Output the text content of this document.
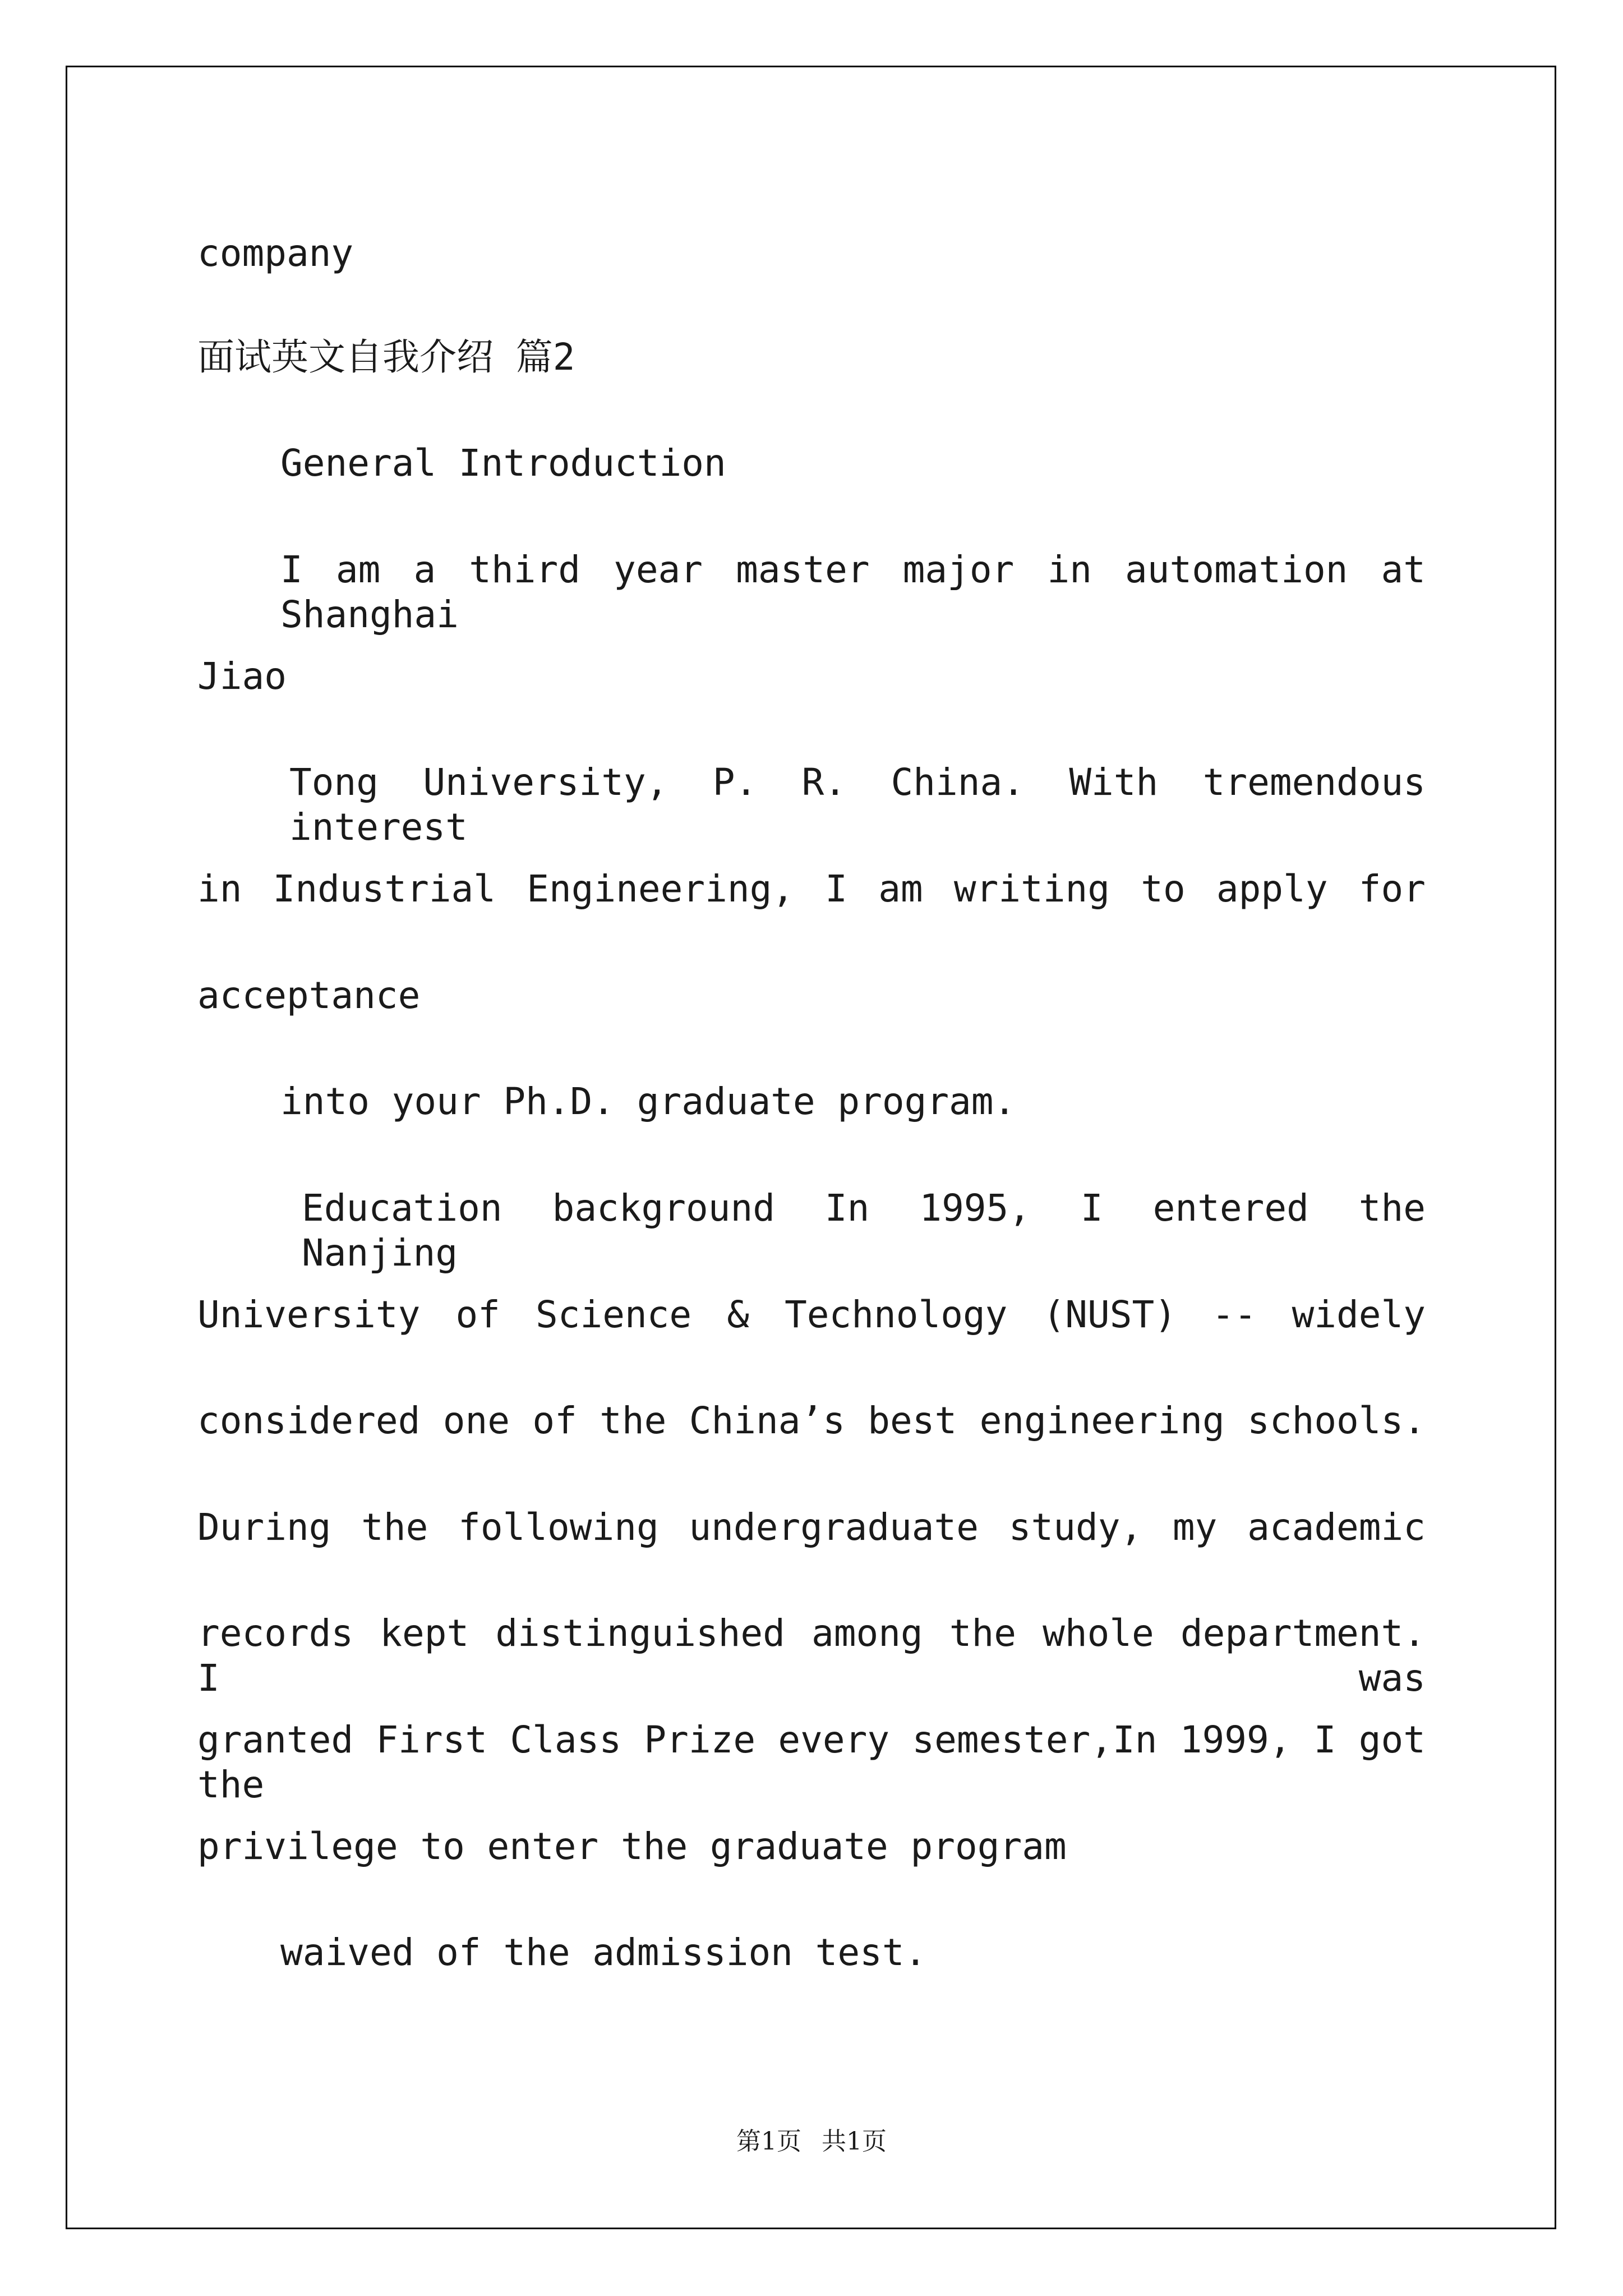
company
面试英文自我介绍 篇2
General Introduction
I am a third year master major in automation at Shanghai
Jiao
Tong University, P. R. China. With tremendous interest
in Industrial Engineering, I am writing to apply for
acceptance
into your Ph.D. graduate program.
Education background In 1995, I entered the Nanjing
University of Science & Technology (NUST) -- widely
considered one of the China’s best engineering schools.
During the following undergraduate study, my academic
records kept distinguished among the whole department. I was
granted First Class Prize every semester,In 1999, I got the
privilege to enter the graduate program
waived of the admission test.
第1页 共1页
